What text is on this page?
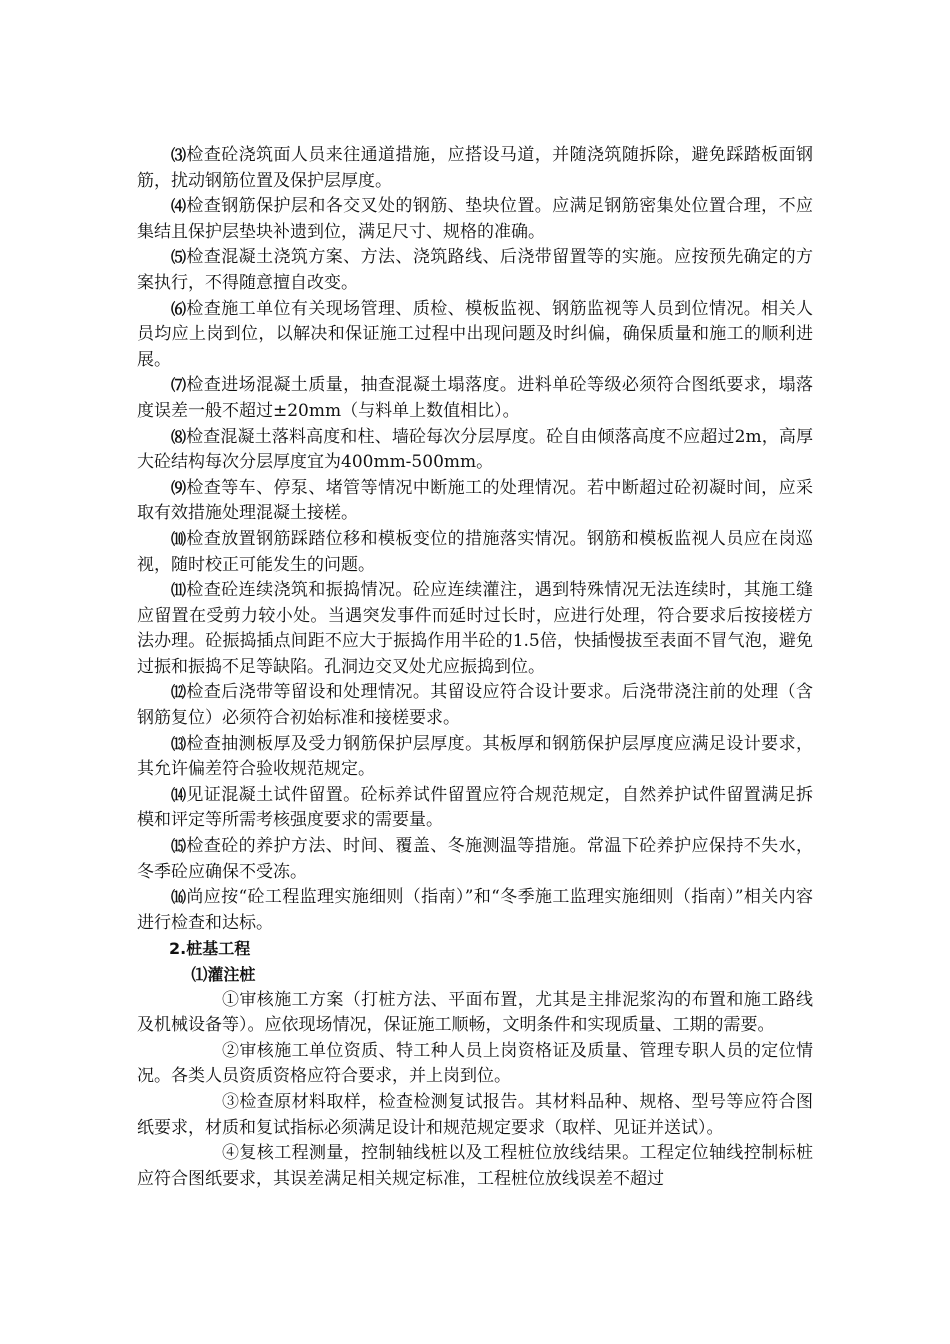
⑶检查砼浇筑面人员来往通道措施，应搭设马道，并随浇筑随拆除，避免踩踏板面钢筋，扰动钢筋位置及保护层厚度。

⑷检查钢筋保护层和各交叉处的钢筋、垫块位置。应满足钢筋密集处位置合理，不应集结且保护层垫块补遗到位，满足尺寸、规格的准确。

⑸检查混凝土浇筑方案、方法、浇筑路线、后浇带留置等的实施。应按预先确定的方案执行，不得随意擅自改变。

⑹检查施工单位有关现场管理、质检、模板监视、钢筋监视等人员到位情况。相关人员均应上岗到位，以解决和保证施工过程中出现问题及时纠偏，确保质量和施工的顺利进展。

⑺检查进场混凝土质量，抽查混凝土塌落度。进料单砼等级必须符合图纸要求，塌落度误差一般不超过±20mm（与料单上数值相比）。

⑻检查混凝土落料高度和柱、墙砼每次分层厚度。砼自由倾落高度不应超过2m，高厚大砼结构每次分层厚度宜为400mm-500mm。

⑼检查等车、停泵、堵管等情况中断施工的处理情况。若中断超过砼初凝时间，应采取有效措施处理混凝土接槎。

⑽检查放置钢筋踩踏位移和模板变位的措施落实情况。钢筋和模板监视人员应在岗巡视，随时校正可能发生的问题。

⑾检查砼连续浇筑和振捣情况。砼应连续灌注，遇到特殊情况无法连续时，其施工缝应留置在受剪力较小处。当遇突发事件而延时过长时，应进行处理，符合要求后按接槎方法办理。砼振捣插点间距不应大于振捣作用半砼的1.5倍，快插慢拔至表面不冒气泡，避免过振和振捣不足等缺陷。孔洞边交叉处尤应振捣到位。

⑿检查后浇带等留设和处理情况。其留设应符合设计要求。后浇带浇注前的处理（含钢筋复位）必须符合初始标准和接槎要求。

⒀检查抽测板厚及受力钢筋保护层厚度。其板厚和钢筋保护层厚度应满足设计要求，其允许偏差符合验收规范规定。

⒁见证混凝土试件留置。砼标养试件留置应符合规范规定，自然养护试件留置满足拆模和评定等所需考核强度要求的需要量。

⒂检查砼的养护方法、时间、覆盖、冬施测温等措施。常温下砼养护应保持不失水，冬季砼应确保不受冻。

⒃尚应按“砼工程监理实施细则（指南）”和“冬季施工监理实施细则（指南）”相关内容进行检查和达标。

2.桩基工程

⑴灌注桩

①审核施工方案（打桩方法、平面布置，尤其是主排泥浆沟的布置和施工路线及机械设备等）。应依现场情况，保证施工顺畅，文明条件和实现质量、工期的需要。

②审核施工单位资质、特工种人员上岗资格证及质量、管理专职人员的定位情况。各类人员资质资格应符合要求，并上岗到位。

③检查原材料取样，检查检测复试报告。其材料品种、规格、型号等应符合图纸要求，材质和复试指标必须满足设计和规范规定要求（取样、见证并送试）。

④复核工程测量，控制轴线桩以及工程桩位放线结果。工程定位轴线控制标桩应符合图纸要求，其误差满足相关规定标准，工程桩位放线误差不超过
